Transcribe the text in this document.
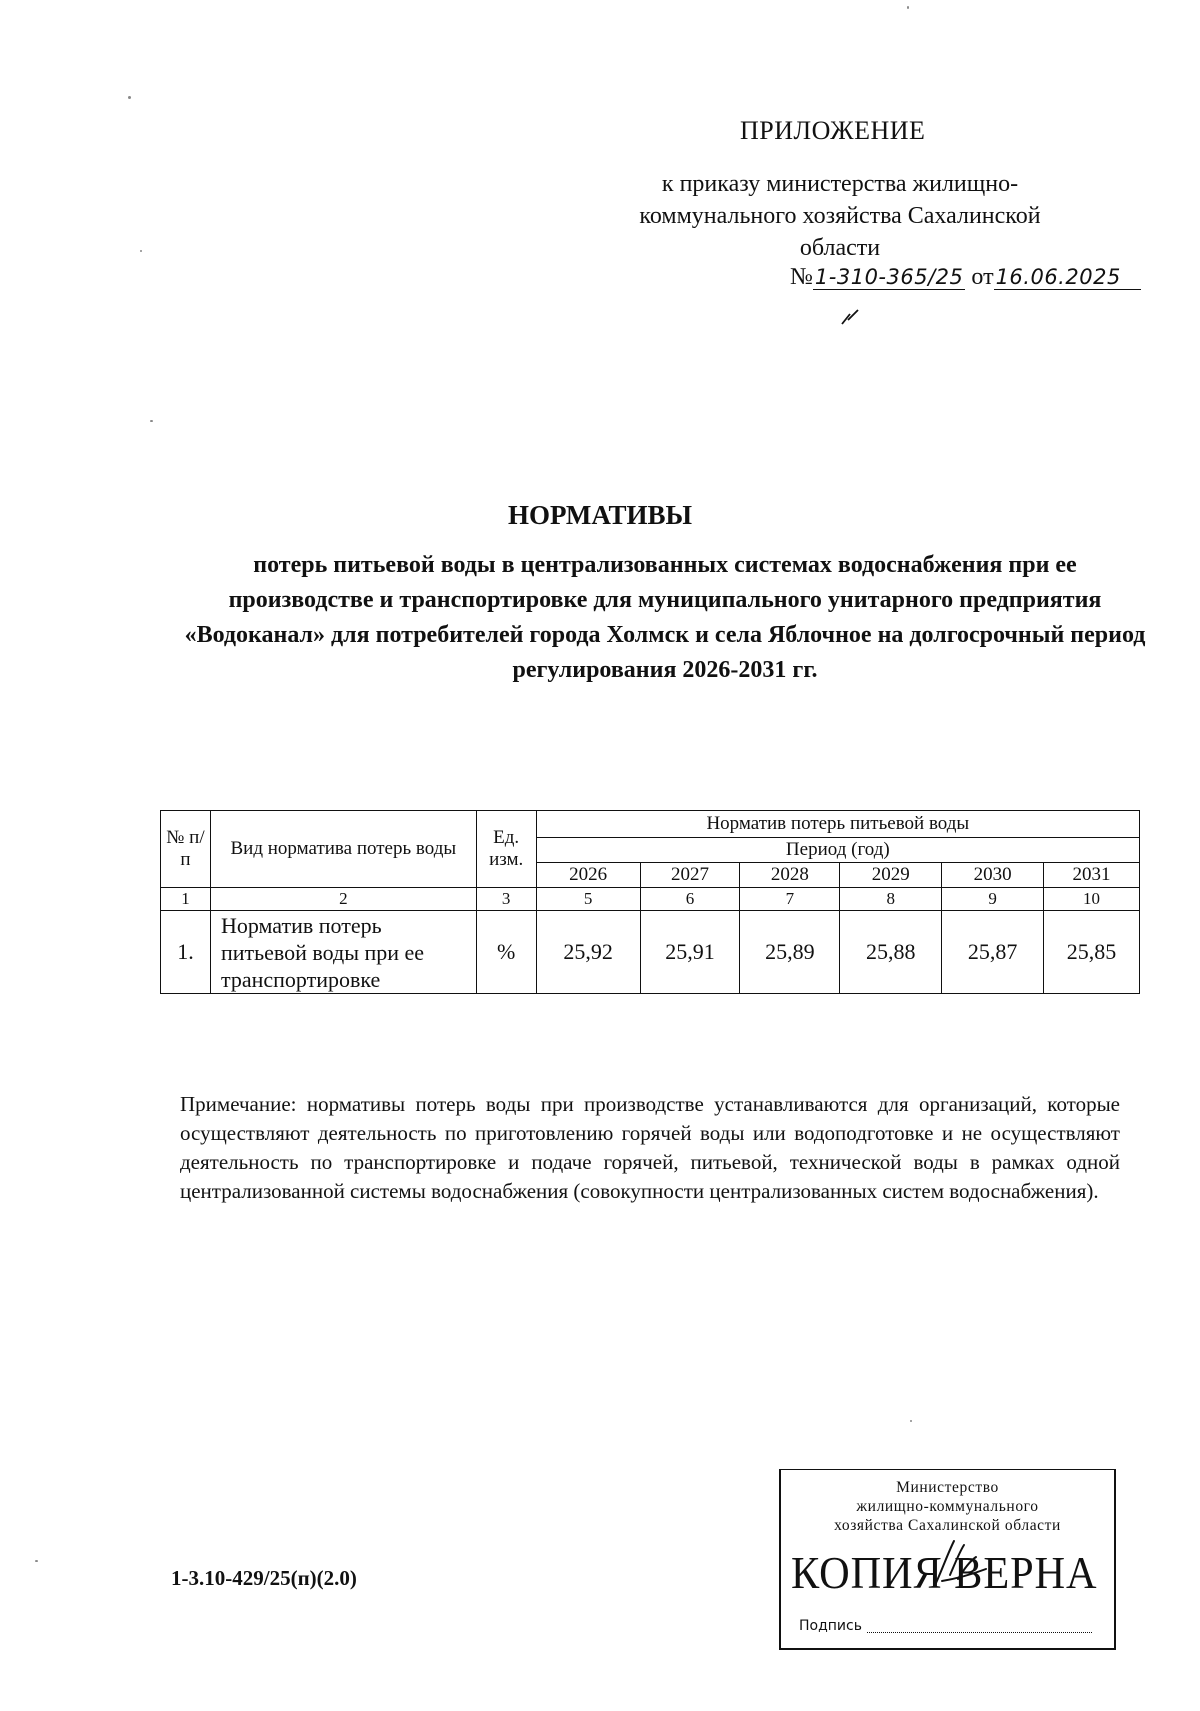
ПРИЛОЖЕНИЕ
к приказу министерства жилищно-коммунального хозяйства Сахалинской области
№1-310-365/25 от16.06.2025
НОРМАТИВЫ
потерь питьевой воды в централизованных системах водоснабжения при ее производстве и транспортировке для муниципального унитарного предприятия «Водоканал» для потребителей города Холмск и села Яблочное на долгосрочный период регулирования 2026-2031 гг.
№ п/п	Вид норматива потерь воды	Ед. изм.	Норматив потерь питьевой воды					
			Период (год)					
			2026	2027	2028	2029	2030	2031
1	2	3	5	6	7	8	9	10
1.	Норматив потерь питьевой воды при ее транспортировке	%	25,92	25,91	25,89	25,88	25,87	25,85
Примечание: нормативы потерь воды при производстве устанавливаются для организаций, которые осуществляют деятельность по приготовлению горячей воды или водоподготовке и не осуществляют деятельность по транспортировке и подаче горячей, питьевой, технической воды в рамках одной централизованной системы водоснабжения (совокупности централизованных систем водоснабжения).
1-3.10-429/25(п)(2.0)
Министерство
жилищно-коммунального
хозяйства Сахалинской области
КОПИЯ ВЕРНА
Подпись
